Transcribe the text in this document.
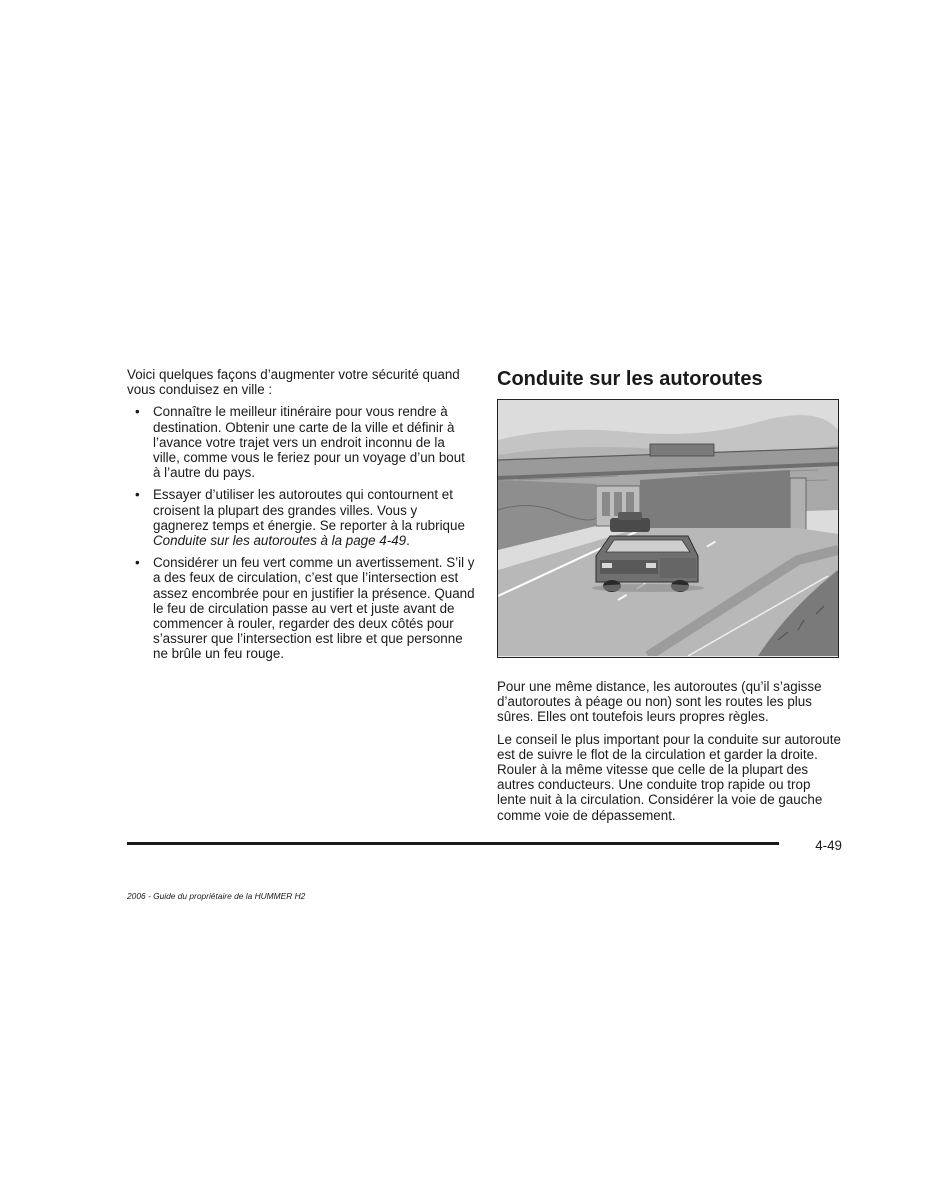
Voici quelques façons d’augmenter votre sécurité quand vous conduisez en ville :

• Connaître le meilleur itinéraire pour vous rendre à destination. Obtenir une carte de la ville et définir à l’avance votre trajet vers un endroit inconnu de la ville, comme vous le feriez pour un voyage d’un bout à l’autre du pays.
• Essayer d’utiliser les autoroutes qui contournent et croisent la plupart des grandes villes. Vous y gagnerez temps et énergie. Se reporter à la rubrique Conduite sur les autoroutes à la page 4-49.
• Considérer un feu vert comme un avertissement. S’il y a des feux de circulation, c’est que l’intersection est assez encombrée pour en justifier la présence. Quand le feu de circulation passe au vert et juste avant de commencer à rouler, regarder des deux côtés pour s’assurer que l’intersection est libre et que personne ne brûle un feu rouge.
Conduite sur les autoroutes

Pour une même distance, les autoroutes (qu’il s’agisse d’autoroutes à péage ou non) sont les routes les plus sûres. Elles ont toutefois leurs propres règles.

Le conseil le plus important pour la conduite sur autoroute est de suivre le flot de la circulation et garder la droite. Rouler à la même vitesse que celle de la plupart des autres conducteurs. Une conduite trop rapide ou trop lente nuit à la circulation. Considérer la voie de gauche comme voie de dépassement.

4-49
2006 - Guide du propriétaire de la HUMMER H2
